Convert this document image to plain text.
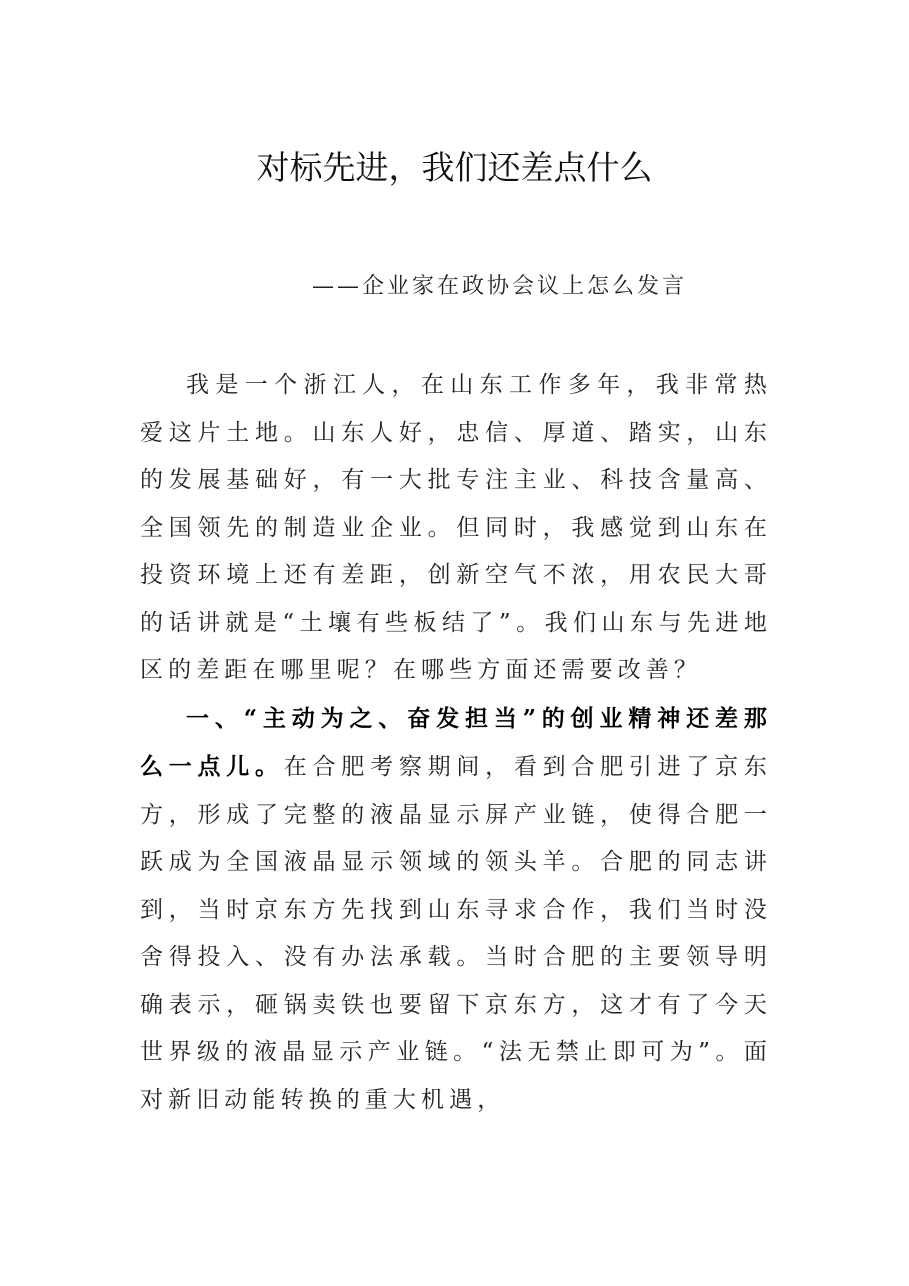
对标先进，我们还差点什么
——企业家在政协会议上怎么发言

我是一个浙江人，在山东工作多年，我非常热爱这片土地。山东人好，忠信、厚道、踏实，山东的发展基础好，有一大批专注主业、科技含量高、全国领先的制造业企业。但同时，我感觉到山东在投资环境上还有差距，创新空气不浓，用农民大哥的话讲就是“土壤有些板结了”。我们山东与先进地区的差距在哪里呢？在哪些方面还需要改善？

一、“主动为之、奋发担当”的创业精神还差那么一点儿。在合肥考察期间，看到合肥引进了京东方，形成了完整的液晶显示屏产业链，使得合肥一跃成为全国液晶显示领域的领头羊。合肥的同志讲到，当时京东方先找到山东寻求合作，我们当时没舍得投入、没有办法承载。当时合肥的主要领导明确表示，砸锅卖铁也要留下京东方，这才有了今天世界级的液晶显示产业链。“法无禁止即可为”。面对新旧动能转换的重大机遇，
